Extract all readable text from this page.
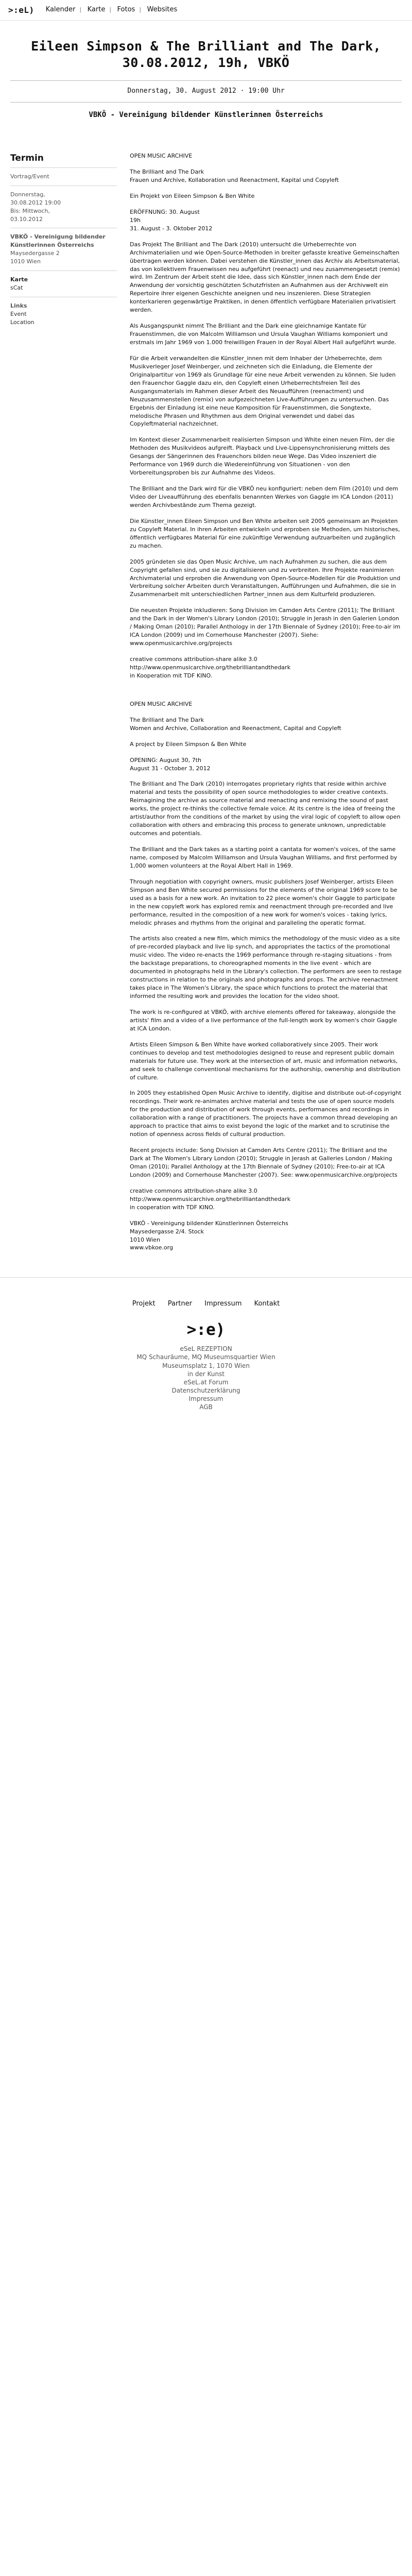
>:eL) Kalender | Karte | Fotos | Websites
Eileen Simpson & The Brilliant and The Dark, 30.08.2012, 19h, VBKÖ
Donnerstag, 30. August 2012 · 19:00 Uhr
VBKÖ - Vereinigung bildender Künstlerinnen Österreichs
Termin

Vortrag/Event

Donnerstag,

30.08.2012 19:00

Bis: Mittwoch,

03.10.2012

VBKÖ - Vereinigung bildender Künstlerinnen Österreichs

Maysedergasse 2

1010 Wien

Karte
sCat

Links

Event
Location

OPEN MUSIC ARCHIVE

The Brilliant and The Dark
Frauen und Archive, Kollaboration und Reenactment, Kapital und Copyleft

Ein Projekt von Eileen Simpson & Ben White

ERÖFFNUNG: 30. August
19h
31. August - 3. Oktober 2012

Das Projekt The Brilliant and The Dark (2010) untersucht die Urheberrechte von Archivmaterialien und wie Open-Source-Methoden in breiter gefasste kreative Gemeinschaften übertragen werden können. Dabei verstehen die Künstler_innen das Archiv als Arbeitsmaterial, das von kollektivem Frauenwissen neu aufgeführt (reenact) und neu zusammengesetzt (remix) wird. Im Zentrum der Arbeit steht die Idee, dass sich Künstler_innen nach dem Ende der Anwendung der vorsichtig geschützten Schutzfristen an Aufnahmen aus der Archivwelt ein Repertoire ihrer eigenen Geschichte aneignen und neu inszenieren. Diese Strategien konterkarieren gegenwärtige Praktiken, in denen öffentlich verfügbare Materialien privatisiert werden.

Als Ausgangspunkt nimmt The Brilliant and the Dark eine gleichnamige Kantate für Frauenstimmen, die von Malcolm Williamson und Ursula Vaughan Williams komponiert und erstmals im Jahr 1969 von 1.000 freiwilligen Frauen in der Royal Albert Hall aufgeführt wurde.

Für die Arbeit verwandelten die Künstler_innen mit dem Inhaber der Urheberrechte, dem Musikverleger Josef Weinberger, und zeichneten sich die Einladung, die Elemente der Originalpartitur von 1969 als Grundlage für eine neue Arbeit verwenden zu können. Sie luden den Frauenchor Gaggle dazu ein, den Copyleft einen Urheberrechtsfreien Teil des Ausgangsmaterials im Rahmen dieser Arbeit des Neuaufführen (reenactment) und Neuzusammenstellen (remix) von aufgezeichneten Live-Aufführungen zu untersuchen. Das Ergebnis der Einladung ist eine neue Komposition für Frauenstimmen, die Songtexte, melodische Phrasen und Rhythmen aus dem Original verwendet und dabei das Copyleftmaterial nachzeichnet.

Im Kontext dieser Zusammenarbeit realisierten Simpson und White einen neuen Film, der die Methoden des Musikvideos aufgreift. Playback und Live-Lippensynchronisierung mittels des Gesangs der Sängerinnen des Frauenchors bilden neue Wege. Das Video inszeniert die Performance von 1969 durch die Wiedereinführung von Situationen - von den Vorbereitungsproben bis zur Aufnahme des Videos.

The Brilliant and the Dark wird für die VBKÖ neu konfiguriert: neben dem Film (2010) und dem Video der Liveaufführung des ebenfalls benannten Werkes von Gaggle im ICA London (2011) werden Archivbestände zum Thema gezeigt.

Die Künstler_innen Eileen Simpson und Ben White arbeiten seit 2005 gemeinsam an Projekten zu Copyleft Material. In ihren Arbeiten entwickeln und erproben sie Methoden, um historisches, öffentlich verfügbares Material für eine zukünftige Verwendung aufzuarbeiten und zugänglich zu machen.

2005 gründeten sie das Open Music Archive, um nach Aufnahmen zu suchen, die aus dem Copyright gefallen sind, und sie zu digitalisieren und zu verbreiten. Ihre Projekte reanimieren Archivmaterial und erproben die Anwendung von Open-Source-Modellen für die Produktion und Verbreitung solcher Arbeiten durch Veranstaltungen, Aufführungen und Aufnahmen, die sie in Zusammenarbeit mit unterschiedlichen Partner_innen aus dem Kulturfeld produzieren.

Die neuesten Projekte inkludieren: Song Division im Camden Arts Centre (2011); The Brilliant and the Dark in der Women's Library London (2010); Struggle in Jerash in den Galerien London / Making Oman (2010); Parallel Anthology in der 17th Biennale of Sydney (2010); Free-to-air im ICA London (2009) und im Cornerhouse Manchester (2007). Siehe: www.openmusicarchive.org/projects

creative commons attribution-share alike 3.0
http://www.openmusicarchive.org/thebrilliantandthedark
in Kooperation mit TDF KINO.

OPEN MUSIC ARCHIVE

The Brilliant and The Dark
Women and Archive, Collaboration and Reenactment, Capital and Copyleft

A project by Eileen Simpson & Ben White

OPENING: August 30, 7th
August 31 - October 3, 2012

The Brilliant and The Dark (2010) interrogates proprietary rights that reside within archive material and tests the possibility of open source methodologies to wider creative contexts. Reimagining the archive as source material and reenacting and remixing the sound of past works, the project re-thinks the collective female voice. At its centre is the idea of freeing the artist/author from the conditions of the market by using the viral logic of copyleft to allow open collaboration with others and embracing this process to generate unknown, unpredictable outcomes and potentials.

The Brilliant and the Dark takes as a starting point a cantata for women's voices, of the same name, composed by Malcolm Williamson and Ursula Vaughan Williams, and first performed by 1,000 women volunteers at the Royal Albert Hall in 1969.

Through negotiation with copyright owners, music publishers Josef Weinberger, artists Eileen Simpson and Ben White secured permissions for the elements of the original 1969 score to be used as a basis for a new work. An invitation to 22 piece women's choir Gaggle to participate in the new copyleft work has explored remix and reenactment through pre-recorded and live performance, resulted in the composition of a new work for women's voices - taking lyrics, melodic phrases and rhythms from the original and paralleling the operatic format.

The artists also created a new film, which mimics the methodology of the music video as a site of pre-recorded playback and live lip synch, and appropriates the tactics of the promotional music video. The video re-enacts the 1969 performance through re-staging situations - from the backstage preparations, to choreographed moments in the live event - which are documented in photographs held in the Library's collection. The performers are seen to restage constructions in relation to the originals and photographs and props. The archive reenactment takes place in The Women's Library, the space which functions to protect the material that informed the resulting work and provides the location for the video shoot.

The work is re-configured at VBKÖ, with archive elements offered for takeaway, alongside the artists' film and a video of a live performance of the full-length work by women's choir Gaggle at ICA London.

Artists Eileen Simpson & Ben White have worked collaboratively since 2005. Their work continues to develop and test methodologies designed to reuse and represent public domain materials for future use. They work at the intersection of art, music and information networks, and seek to challenge conventional mechanisms for the authorship, ownership and distribution of culture.

In 2005 they established Open Music Archive to identify, digitise and distribute out-of-copyright recordings. Their work re-animates archive material and tests the use of open source models for the production and distribution of work through events, performances and recordings in collaboration with a range of practitioners. The projects have a common thread developing an approach to practice that aims to exist beyond the logic of the market and to scrutinise the notion of openness across fields of cultural production.

Recent projects include: Song Division at Camden Arts Centre (2011); The Brilliant and the Dark at The Women's Library London (2010); Struggle in Jerash at Galleries London / Making Oman (2010); Parallel Anthology at the 17th Biennale of Sydney (2010); Free-to-air at ICA London (2009) and Cornerhouse Manchester (2007). See: www.openmusicarchive.org/projects

creative commons attribution-share alike 3.0
http://www.openmusicarchive.org/thebrilliantandthedark
in cooperation with TDF KINO.

VBKÖ - Vereinigung bildender Künstlerinnen Österreichs
Maysedergasse 2/4. Stock
1010 Wien
www.vbkoe.org

Projekt Partner Impressum Kontakt
>:e)

eSeL REZEPTION

MQ Schauräume, MQ Museumsquartier Wien

Museumsplatz 1, 1070 Wien

in der Kunst
eSeL.at Forum
Datenschutzerklärung
Impressum
AGB
